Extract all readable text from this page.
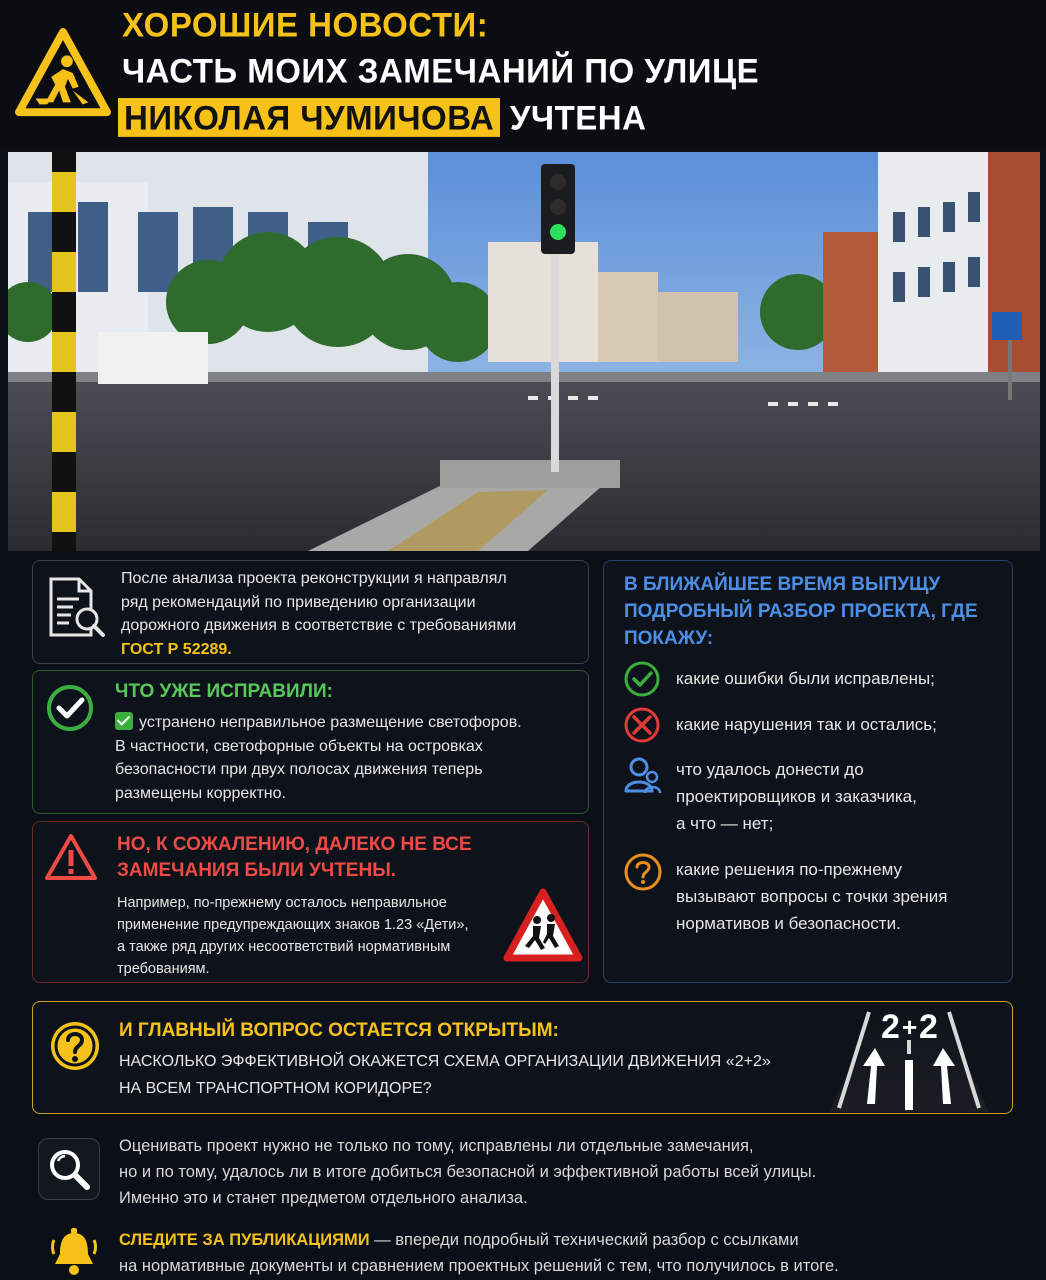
ХОРОШИЕ НОВОСТИ:
ЧАСТЬ МОИХ ЗАМЕЧАНИЙ ПО УЛИЦЕ
НИКОЛАЯ ЧУМИЧОВА УЧТЕНА
После анализа проекта реконструкции я направлял
ряд рекомендаций по приведению организации
дорожного движения в соответствие с требованиями
ГОСТ Р 52289.
ЧТО УЖЕ ИСПРАВИЛИ:
устранено неправильное размещение светофоров.
В частности, светофорные объекты на островках
безопасности при двух полосах движения теперь
размещены корректно.
НО, К СОЖАЛЕНИЮ, ДАЛЕКО НЕ ВСЕ
ЗАМЕЧАНИЯ БЫЛИ УЧТЕНЫ.
Например, по-прежнему осталось неправильное
применение предупреждающих знаков 1.23 «Дети»,
а также ряд других несоответствий нормативным
требованиям.
В БЛИЖАЙШЕЕ ВРЕМЯ ВЫПУЩУ
ПОДРОБНЫЙ РАЗБОР ПРОЕКТА, ГДЕ
ПОКАЖУ:
какие ошибки были исправлены;
какие нарушения так и остались;
что удалось донести до
проектировщиков и заказчика,
а что — нет;
какие решения по-прежнему
вызывают вопросы с точки зрения
нормативов и безопасности.
И ГЛАВНЫЙ ВОПРОС ОСТАЕТСЯ ОТКРЫТЫМ:
НАСКОЛЬКО ЭФФЕКТИВНОЙ ОКАЖЕТСЯ СХЕМА ОРГАНИЗАЦИИ ДВИЖЕНИЯ «2+2»
НА ВСЕМ ТРАНСПОРТНОМ КОРИДОРЕ?
2 2
+
Оценивать проект нужно не только по тому, исправлены ли отдельные замечания,
но и по тому, удалось ли в итоге добиться безопасной и эффективной работы всей улицы.
Именно это и станет предметом отдельного анализа.
СЛЕДИТЕ ЗА ПУБЛИКАЦИЯМИ — впереди подробный технический разбор с ссылками
на нормативные документы и сравнением проектных решений с тем, что получилось в итоге.
